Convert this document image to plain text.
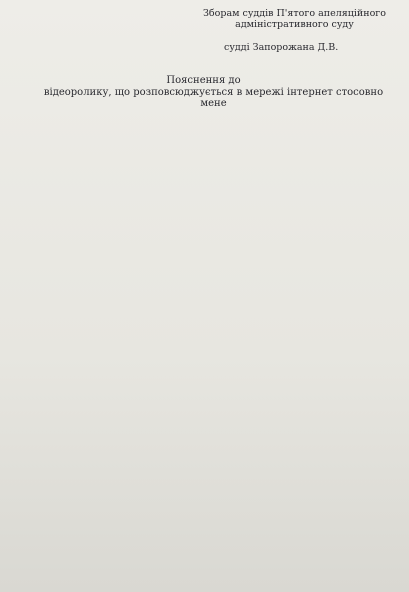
Зборам суддів П'ятого апеляційного
адміністративного суду
судді Запорожана Д.В.
Пояснення до
відеоролику, що розповсюджується в мережі інтернет стосовно мене
